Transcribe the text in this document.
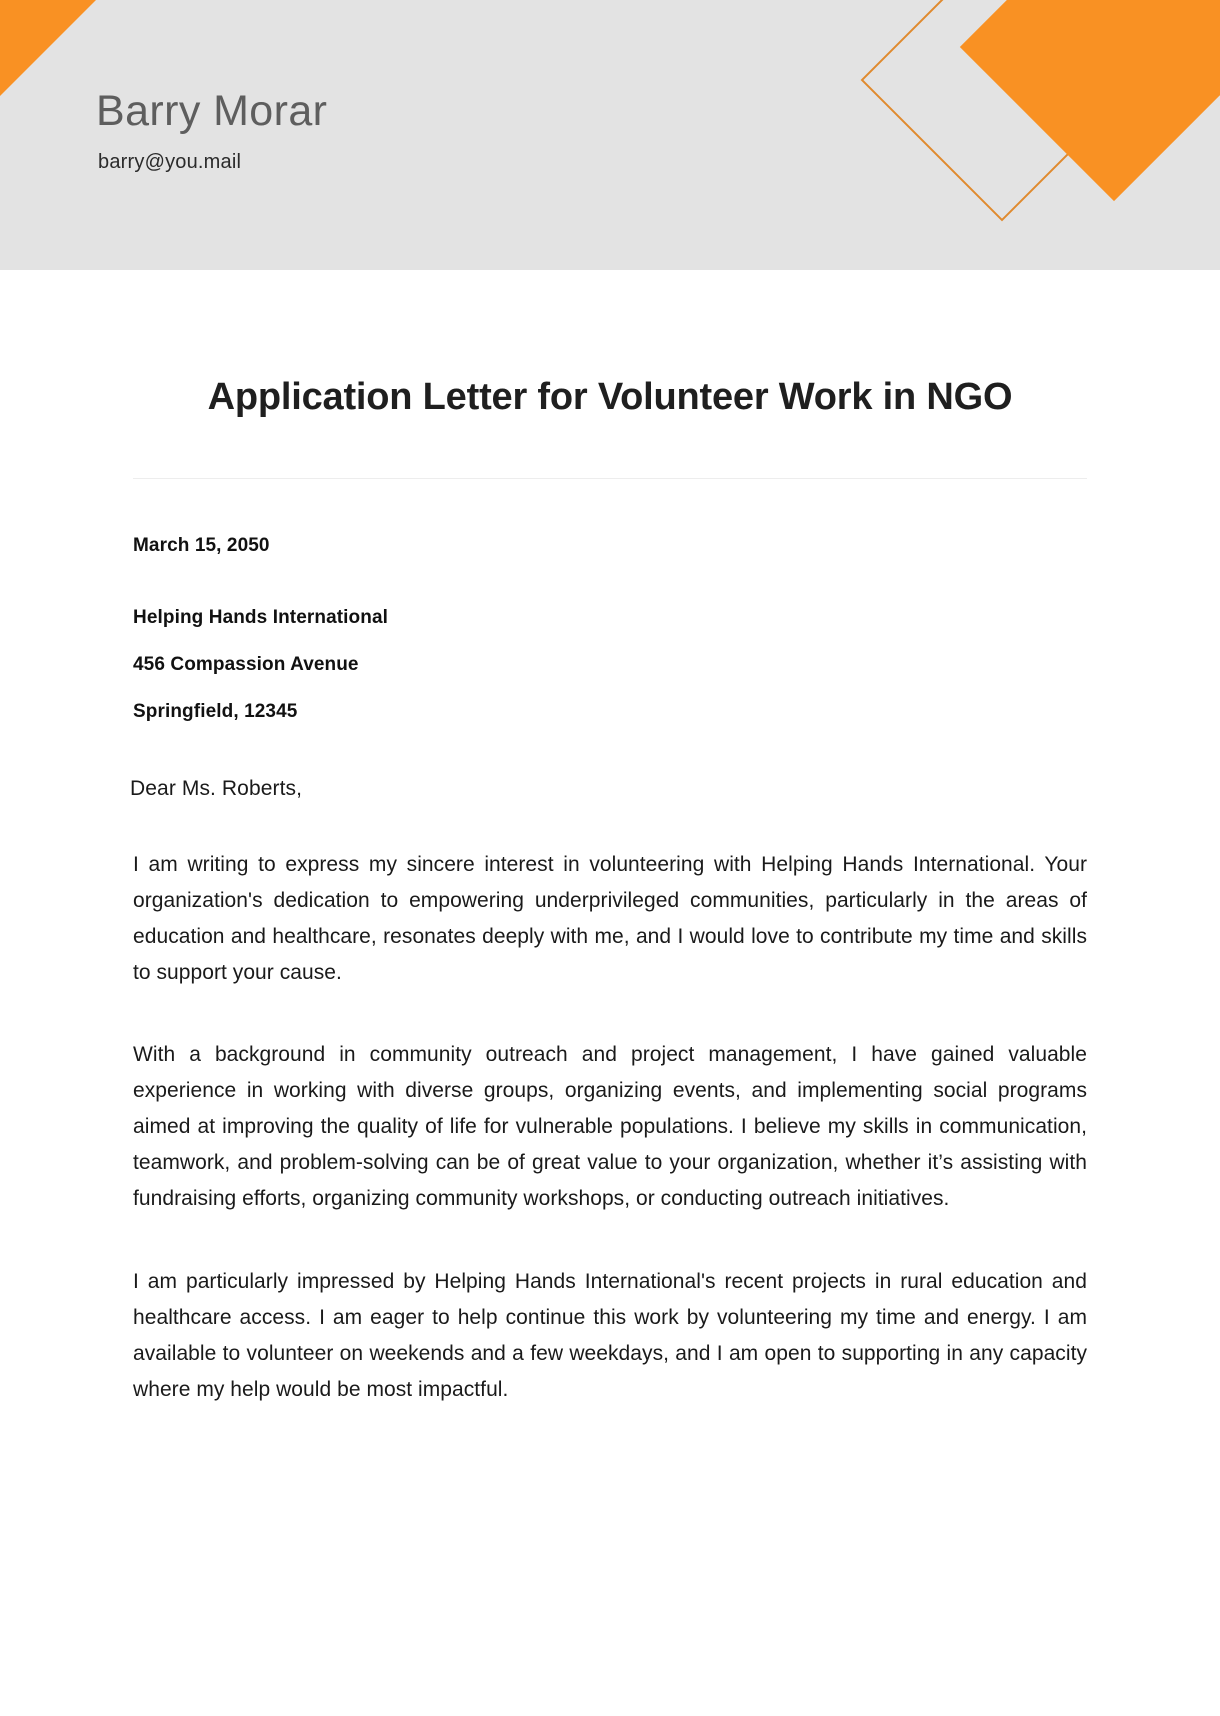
Barry Morar
barry@you.mail
Application Letter for Volunteer Work in NGO
March 15, 2050
Helping Hands International
456 Compassion Avenue
Springfield, 12345
Dear Ms. Roberts,

I am writing to express my sincere interest in volunteering with Helping Hands International. Your organization's dedication to empowering underprivileged communities, particularly in the areas of education and healthcare, resonates deeply with me, and I would love to contribute my time and skills to support your cause.

With a background in community outreach and project management, I have gained valuable experience in working with diverse groups, organizing events, and implementing social programs aimed at improving the quality of life for vulnerable populations. I believe my skills in communication, teamwork, and problem-solving can be of great value to your organization, whether it’s assisting with fundraising efforts, organizing community workshops, or conducting outreach initiatives.

I am particularly impressed by Helping Hands International's recent projects in rural education and healthcare access. I am eager to help continue this work by volunteering my time and energy. I am available to volunteer on weekends and a few weekdays, and I am open to supporting in any capacity where my help would be most impactful.
